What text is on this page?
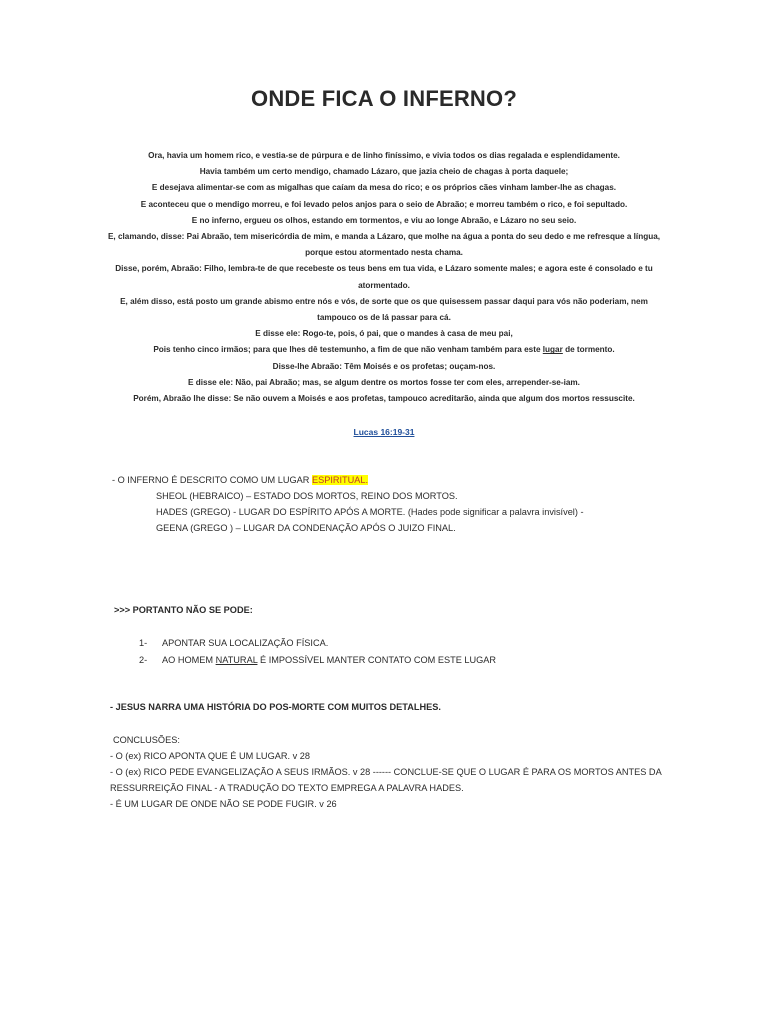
ONDE FICA O INFERNO?
Ora, havia um homem rico, e vestia-se de púrpura e de linho finíssimo, e vivia todos os dias regalada e esplendidamente.
Havia também um certo mendigo, chamado Lázaro, que jazia cheio de chagas à porta daquele;
E desejava alimentar-se com as migalhas que caíam da mesa do rico; e os próprios cães vinham lamber-lhe as chagas.
E aconteceu que o mendigo morreu, e foi levado pelos anjos para o seio de Abraão; e morreu também o rico, e foi sepultado.
E no inferno, ergueu os olhos, estando em tormentos, e viu ao longe Abraão, e Lázaro no seu seio.
E, clamando, disse: Pai Abraão, tem misericórdia de mim, e manda a Lázaro, que molhe na água a ponta do seu dedo e me refresque a língua, porque estou atormentado nesta chama.
Disse, porém, Abraão: Filho, lembra-te de que recebeste os teus bens em tua vida, e Lázaro somente males; e agora este é consolado e tu atormentado.
E, além disso, está posto um grande abismo entre nós e vós, de sorte que os que quisessem passar daqui para vós não poderiam, nem tampouco os de lá passar para cá.
E disse ele: Rogo-te, pois, ó pai, que o mandes à casa de meu pai,
Pois tenho cinco irmãos; para que lhes dê testemunho, a fim de que não venham também para este lugar de tormento.
Disse-lhe Abraão: Têm Moisés e os profetas; ouçam-nos.
E disse ele: Não, pai Abraão; mas, se algum dentre os mortos fosse ter com eles, arrepender-se-iam.
Porém, Abraão lhe disse: Se não ouvem a Moisés e aos profetas, tampouco acreditarão, ainda que algum dos mortos ressuscite.
Lucas 16:19-31
- O INFERNO É DESCRITO COMO UM LUGAR ESPIRITUAL.
SHEOL (HEBRAICO) – ESTADO DOS MORTOS, REINO DOS MORTOS.
HADES (GREGO) - LUGAR DO ESPÍRITO APÓS A MORTE. (Hades pode significar a palavra invisível) -
GEENA (GREGO ) – LUGAR DA CONDENAÇÃO APÓS O JUIZO FINAL.
>>> PORTANTO NÃO SE PODE:
1- APONTAR SUA LOCALIZAÇÃO FÍSICA.
2- AO HOMEM NATURAL É IMPOSSÍVEL MANTER CONTATO COM ESTE LUGAR
- JESUS NARRA UMA HISTÓRIA DO POS-MORTE COM MUITOS DETALHES.
CONCLUSÕES:
- O (ex) RICO APONTA QUE É UM LUGAR. v 28
- O (ex) RICO PEDE EVANGELIZAÇÃO A SEUS IRMÃOS. v 28 ------ CONCLUE-SE QUE O LUGAR É PARA OS MORTOS ANTES DA
RESSURREIÇÃO FINAL - A TRADUÇÃO DO TEXTO EMPREGA A PALAVRA HADES.
- É UM LUGAR DE ONDE NÃO SE PODE FUGIR. v 26
